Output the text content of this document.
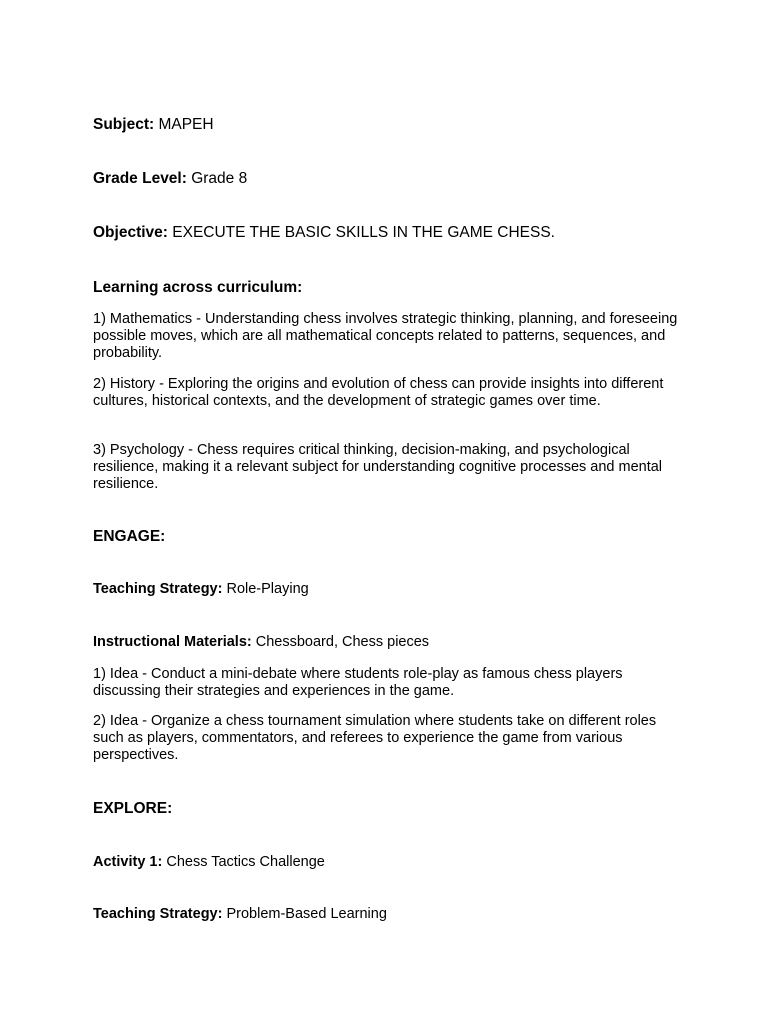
Subject: MAPEH
Grade Level: Grade 8
Objective: EXECUTE THE BASIC SKILLS IN THE GAME CHESS.
Learning across curriculum:

1) Mathematics - Understanding chess involves strategic thinking, planning, and foreseeing possible moves, which are all mathematical concepts related to patterns, sequences, and probability.

2) History - Exploring the origins and evolution of chess can provide insights into different cultures, historical contexts, and the development of strategic games over time.

3) Psychology - Chess requires critical thinking, decision-making, and psychological resilience, making it a relevant subject for understanding cognitive processes and mental resilience.

ENGAGE:
Teaching Strategy: Role-Playing
Instructional Materials: Chessboard, Chess pieces

1) Idea - Conduct a mini-debate where students role-play as famous chess players discussing their strategies and experiences in the game.

2) Idea - Organize a chess tournament simulation where students take on different roles such as players, commentators, and referees to experience the game from various perspectives.

EXPLORE:
Activity 1: Chess Tactics Challenge
Teaching Strategy: Problem-Based Learning
